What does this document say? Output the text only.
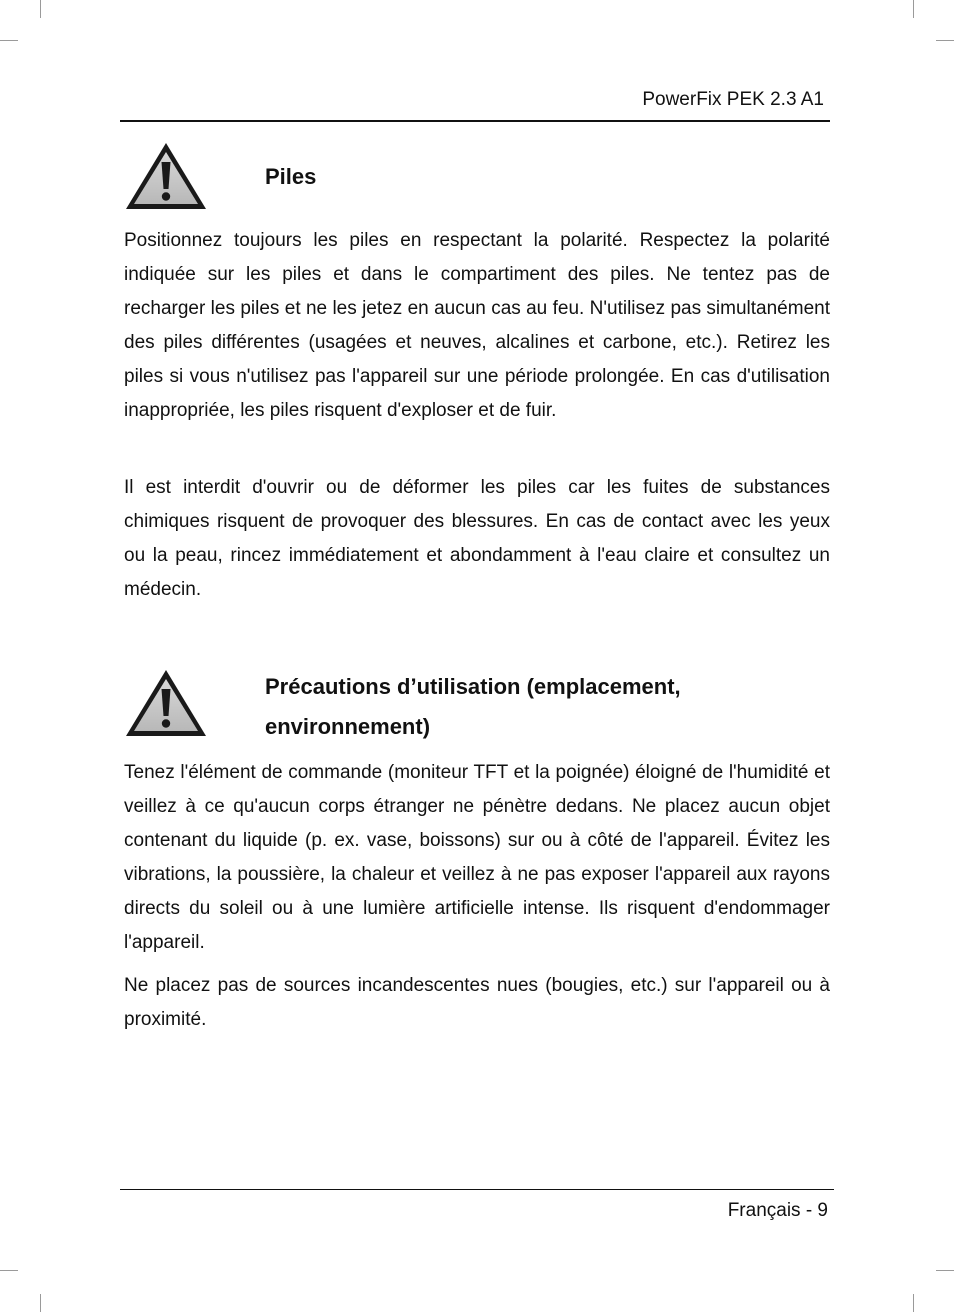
PowerFix PEK 2.3 A1
Piles

Positionnez toujours les piles en respectant la polarité. Respectez la polarité indiquée sur les piles et dans le compartiment des piles. Ne tentez pas de recharger les piles et ne les jetez en aucun cas au feu. N'utilisez pas simultanément des piles différentes (usagées et neuves, alcalines et carbone, etc.). Retirez les piles si vous n'utilisez pas l'appareil sur une période prolongée. En cas d'utilisation inappropriée, les piles risquent d'exploser et de fuir.

Il est interdit d'ouvrir ou de déformer les piles car les fuites de substances chimiques risquent de provoquer des blessures. En cas de contact avec les yeux ou la peau, rincez immédiatement et abondamment à l'eau claire et consultez un médecin.

Précautions d’utilisation (emplacement, environnement)

Tenez l'élément de commande (moniteur TFT et la poignée) éloigné de l'humidité et veillez à ce qu'aucun corps étranger ne pénètre dedans. Ne placez aucun objet contenant du liquide (p. ex. vase, boissons) sur ou à côté de l'appareil. Évitez les vibrations, la poussière, la chaleur et veillez à ne pas exposer l'appareil aux rayons directs du soleil ou à une lumière artificielle intense. Ils risquent d'endommager l'appareil.

Ne placez pas de sources incandescentes nues (bougies, etc.) sur l'appareil ou à proximité.

Français - 9
